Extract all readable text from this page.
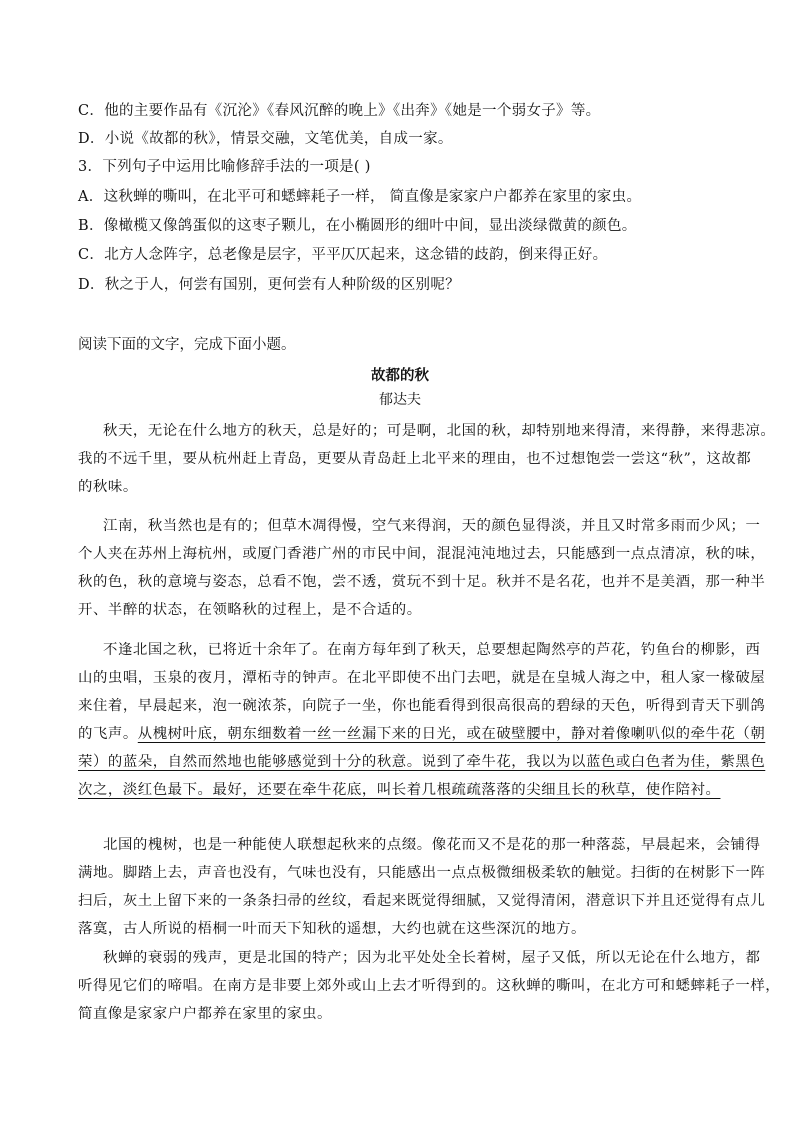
C．他的主要作品有《沉沦》《春风沉醉的晚上》《出奔》《她是一个弱女子》等。
D．小说《故都的秋》，情景交融，文笔优美，自成一家。
3．下列句子中运用比喻修辞手法的一项是( )
A．这秋蝉的嘶叫，在北平可和蟋蟀耗子一样， 简直像是家家户户都养在家里的家虫。
B．像橄榄又像鸽蛋似的这枣子颗儿，在小椭圆形的细叶中间，显出淡绿微黄的颜色。
C．北方人念阵字，总老像是层字，平平仄仄起来，这念错的歧韵，倒来得正好。
D．秋之于人，何尝有国别，更何尝有人种阶级的区别呢？
阅读下面的文字，完成下面小题。
故都的秋
郁达夫
秋天，无论在什么地方的秋天，总是好的；可是啊，北国的秋，却特别地来得清，来得静，来得悲凉。
我的不远千里，要从杭州赶上青岛，更要从青岛赶上北平来的理由，也不过想饱尝一尝这“秋”，这故都
的秋味。
江南，秋当然也是有的；但草木凋得慢，空气来得润，天的颜色显得淡，并且又时常多雨而少风；一
个人夹在苏州上海杭州，或厦门香港广州的市民中间，混混沌沌地过去，只能感到一点点清凉，秋的味，
秋的色，秋的意境与姿态，总看不饱，尝不透，赏玩不到十足。秋并不是名花，也并不是美酒，那一种半
开、半醉的状态，在领略秋的过程上，是不合适的。
不逢北国之秋，已将近十余年了。在南方每年到了秋天，总要想起陶然亭的芦花，钓鱼台的柳影，西
山的虫唱，玉泉的夜月，潭柘寺的钟声。在北平即使不出门去吧，就是在皇城人海之中，租人家一椽破屋
来住着，早晨起来，泡一碗浓茶，向院子一坐，你也能看得到很高很高的碧绿的天色，听得到青天下驯鸽
的飞声。从槐树叶底，朝东细数着一丝一丝漏下来的日光，或在破壁腰中，静对着像喇叭似的牵牛花（朝
荣）的蓝朵，自然而然地也能够感觉到十分的秋意。说到了牵牛花，我以为以蓝色或白色者为佳，紫黑色
次之，淡红色最下。最好，还要在牵牛花底，叫长着几根疏疏落落的尖细且长的秋草，使作陪衬。
北国的槐树，也是一种能使人联想起秋来的点缀。像花而又不是花的那一种落蕊，早晨起来，会铺得
满地。脚踏上去，声音也没有，气味也没有，只能感出一点点极微细极柔软的触觉。扫街的在树影下一阵
扫后，灰土上留下来的一条条扫帚的丝纹，看起来既觉得细腻，又觉得清闲，潜意识下并且还觉得有点儿
落寞，古人所说的梧桐一叶而天下知秋的遥想，大约也就在这些深沉的地方。
秋蝉的衰弱的残声，更是北国的特产；因为北平处处全长着树，屋子又低，所以无论在什么地方，都
听得见它们的啼唱。在南方是非要上郊外或山上去才听得到的。这秋蝉的嘶叫，在北方可和蟋蟀耗子一样，
简直像是家家户户都养在家里的家虫。
